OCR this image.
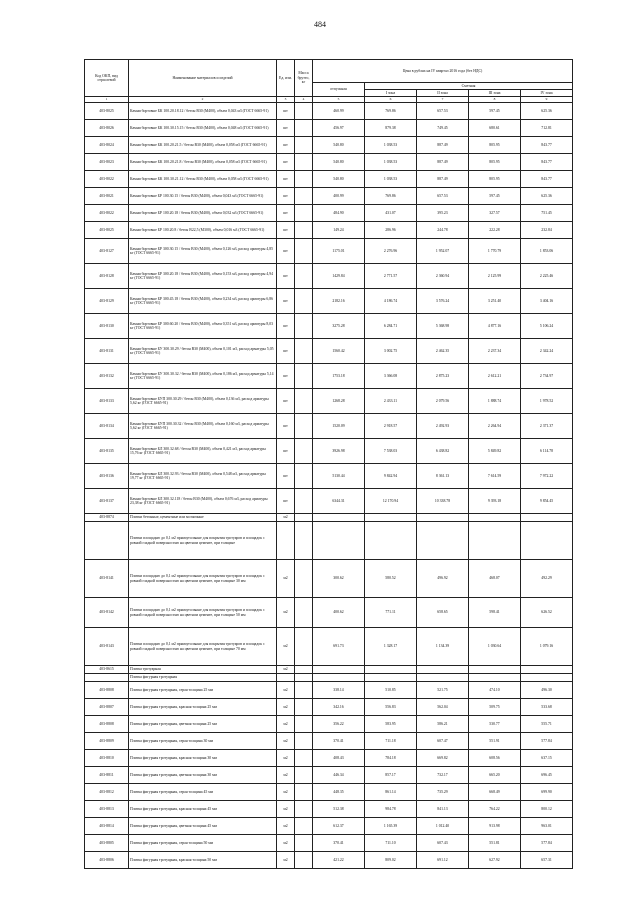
484
Код ОКП, вид отраслевой	Наименование материалов и изделий	Ед. изм.	Масса брутто, кг	Цена в рублях на IV квартал 2016 года (без НДС)				
				отпускная	Сметная			
					I зона	II зона	III зона	IV зона
1	2	3	4	5	6	7	8	9
403-8025	Камни бортовые БК 100.20.18.12 / бетон В30 (М400), объем 0,043 м3 (ГОСТ 6665-91)	шт		460.99	769.86	657.53	597.45	625.36
403-8026	Камни бортовые БК 100.30.15.15 / бетон В30 (М400), объем 0,048 м3 (ГОСТ 6665-91)	шт		456.97	879.38	749.45	680.61	712.81
403-8024	Камни бортовые БК 100.20.21.5 / бетон В30 (М400), объем 0,058 м3 (ГОСТ 6665-91)	шт		540.80	1 038.53	887.49	805.95	843.77
403-8023	Камни бортовые БК 100.20.21.8 / бетон В30 (М400), объем 0,058 м3 (ГОСТ 6665-91)	шт		540.80	1 038.53	887.49	805.95	843.77
403-8022	Камни бортовые БК 100.30.21.12 / бетон В30 (М400), объем 0,058 м3 (ГОСТ 6665-91)	шт		540.80	1 038.53	887.49	805.95	843.77
403-8021	Камни бортовые БР 100.30.15 / бетон В30 (М400), объем 0,043 м3 (ГОСТ 6665-91)	шт		400.99	769.86	657.53	597.45	625.36
403-8022	Камни бортовые БР 100.20.18 / бетон В30 (М400), объем 0,032 м3 (ГОСТ 6665-91)	шт		484.90	431.07	395.23	327.57	751.45
403-8025	Камни бортовые БР 100.20.8 / бетон В22,5 (М300), объем 0,016 м3 (ГОСТ 6665-91)	шт		149.24	286.96	244.78	222.28	232.84
403-8127	Камни бортовые БР 300.30.15 / бетон В30 (М400), объем 0,126 м3, расход арматуры 4,85 кг (ГОСТ 6665-91)	шт		1175.01	2 276.96	1 952.07	1 770.79	1 853.06
403-8128	Камни бортовые БР 300.20.18 / бетон В30 (М400), объем 0,153 м3, расход арматуры 4,94 кг (ГОСТ 6665-91)	шт		1429.84	2 771.57	2 360.94	2 125.99	2 225.46
403-8129	Камни бортовые БР 300.45.18 / бетон В30 (М400), объем 0,234 м3, расход арматуры 6,86 кг (ГОСТ 6665-91)	шт		2182.16	4 186.74	3 576.24	3 251.40	3 404.16
403-8130	Камни бортовые БР 300.60.20 / бетон В30 (М400), объем 0,351 м3, расход арматуры 8,03 кг (ГОСТ 6665-91)	шт		3275.28	6 284.71	5 368.98	4 877.16	5 106.24
403-8131	Камни бортовые БУ 300.30.29 / бетон В30 (М400), объем 0,101 м3, расход арматуры 5,05 кг (ГОСТ 6665-91)	шт		1560.42	3 002.75	2 462.35	2 237.34	2 342.24
403-8132	Камни бортовые БУ 300.30.32 / бетон В30 (М400), объем 0,186 м3, расход арматуры 5,14 кг (ГОСТ 6665-91)	шт		1753.18	3 366.08	2 875.23	2 612.21	2 734.97
403-8133	Камни бортовые БУП 300.30.29 / бетон В30 (М400), объем 0,136 м3, расход арматуры 5,62 кг (ГОСТ 6665-91)	шт		1268.28	2 433.11	2 079.56	1 888.74	1 978.52
403-8134	Камни бортовые БУП 300.30.32 / бетон В30 (М400), объем 0,160 м3, расход арматуры 5,62 кг (ГОСТ 6665-91)	шт		1520.09	2 918.57	2 492.93	2 264.94	2 371.37
403-8135	Камни бортовые БЛ 300.32.68 / бетон В30 (М400), объем 0,421 м3, расход арматуры 15,76 кг (ГОСТ 6665-91)	шт		3926.98	7 538.03	6 438.82	5 849.82	6 114.78
403-8136	Камни бортовые БЛ 300.32.93 / бетон В30 (М400), объем 0,548 м3, расход арматуры 19,77 кг (ГОСТ 6665-91)	шт		5130.44	9 842.94	8 361.13	7 614.59	7 972.22
403-8137	Камни бортовые БЛ 300.32.118 / бетон В30 (М400), объем 0,676 м3, расход арматуры 23,38 кг (ГОСТ 6665-91)	шт		6344.31	12 170.94	10 338.78	9 393.18	9 854.45
403-8874	Плитки бетонные, цементные или мозаичные	м2						
	Плитки площадью до 0,1 м2 прямоугольные для покрытия тротуаров и площадок с ровной гладкой поверхностью на цветном цементе, при толщине							
403-8141	Плитки площадью до 0,1 м2 прямоугольные для покрытия тротуаров и площадок с ровной гладкой поверхностью на цветном цементе, при толщине 30 мм	м2		300.62	580.52	496.92	468.07	492.29
403-8142	Плитки площадью до 0,1 м2 прямоугольные для покрытия тротуаров и площадок с ровной гладкой поверхностью на цветном цементе, при толщине 50 мм	м2		400.62	771.11	658.65	598.41	626.52
403-8143	Плитки площадью до 0,1 м2 прямоугольные для покрытия тротуаров и площадок с ровной гладкой поверхностью на цветном цементе, при толщине 70 мм	м2		691.73	1 328.17	1 134.39	1 030.64	1 079.16
403-8615	Плитка тротуарная	м2						
	Плитка фигурная тротуарная							
403-8808	Плитка фигурная тротуарная, серая толщина 25 мм	м2		338.14	510.85	521.75	474.10	496.30
403-8807	Плитка фигурная тротуарная, красная толщина 25 мм	м2		342.16	556.83	562.04	509.75	533.68
403-8808	Плитка фигурная тротуарная, цветная толщина 25 мм	м2		356.22	583.95	586.21	530.77	555.71
403-8809	Плитка фигурная тротуарная, серая толщина 30 мм	м2		370.41	711.18	607.47	551.91	577.84
403-8810	Плитка фигурная тротуарная, красная толщина 30 мм	м2		408.43	784.18	669.82	608.56	637.15
403-8811	Плитка фигурная тротуарная, цветная толщина 30 мм	м2		446.34	857.17	732.17	665.20	696.45
403-8812	Плитка фигурная тротуарная, серая толщина 45 мм	м2		448.35	861.14	735.29	668.49	699.90
403-8813	Плитка фигурная тротуарная, красная толщина 45 мм	м2		512.38	984.78	841.13	764.22	800.12
403-8814	Плитка фигурная тротуарная, цветная толщина 45 мм	м2		612.37	1 165.39	1 012.40	913.98	963.01
403-8805	Плитка фигурная тротуарная, серая толщина 50 мм	м2		370.41	711.10	607.43	551.81	577.84
403-8806	Плитка фигурная тротуарная, красная толщина 50 мм	м2		421.22	809.02	691.12	627.92	657.31
